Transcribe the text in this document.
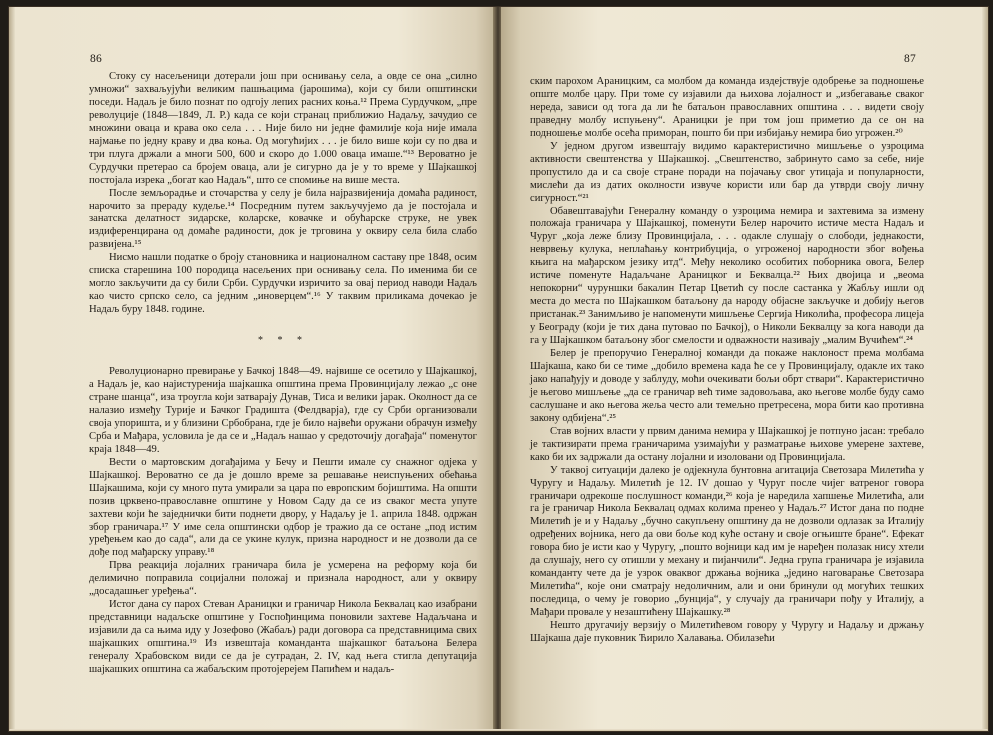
86

Стоку су насељеници дотерали још при оснивању села, а овде се она „силно умножи“ захваљујући великим пашњацима (јарошима), који су били општински поседи. Надаљ је било познат по одгоју лепих расних коња.¹² Према Сурдучком, „пре револуције (1848—1849, Л. Р.) када се који странац приближио Надаљу, зачудио се множини оваца и крава око села . . . Није било ни једне фамилије која није имала најмање по једну краву и два коња. Од могућијих . . . је било више који су по два и три плуга држали а многи 500, 600 и скоро до 1.000 оваца имаше.“¹³ Вероватно је Сурдучки претерао са бројем оваца, али је сигурно да је у то време у Шајкашкој постојала изрека „богат као Надаљ“, што се спомиње на више места.

После земљорадње и сточарства у селу је била најразвијенија домаћа радиност, нарочито за прераду кудеље.¹⁴ Посредним путем закључујемо да је постојала и занатска делатност зидарске, коларске, ковачке и обућарске струке, не увек издиференцирана од домаће радиности, док је трговина у оквиру села била слабо развијена.¹⁵

Нисмо нашли податке о броју становника и националном саставу пре 1848, осим списка старешина 100 породица насељених при оснивању села. По именима би се могло закључити да су били Срби. Сурдучки изричито за овај период наводи Надаљ као чисто српско село, са једним „иноверцем“.¹⁶ У таквим приликама дочекао је Надаљ буру 1848. године.

* * *

Револуционарно превирање у Бачкој 1848—49. највише се осетило у Шајкашкој, а Надаљ је, као најистуренија шајкашка општина према Провинцијалу лежао „с оне стране шанца“, иза троугла који затварају Дунав, Тиса и велики јарак. Околност да се налазио између Турије и Бачког Градишта (Фелдварја), где су Срби организовали своја упоришта, и у близини Србобрана, где је било највећи оружани обрачун између Срба и Мађара, условила је да се и „Надаљ нашао у средоточију догађаја“ поменутог крајa 1848—49.

Вести о мартовским догађајима у Бечу и Пешти имале су снажног одјека у Шајкашкој. Вероватно се да је дошло време за решавање неиспуњених обећања Шајкашима, који су много пута умирали за цара по европским бојиштима. На општи позив црквено-православне општине у Новом Саду да се из сваког места упуте захтеви који ће заједнички бити поднети двору, у Надаљу је 1. априла 1848. одржан збор граничара.¹⁷ У име села општински одбор је тражио да се остане „под истим уређењем као до сада“, али да се укине кулук, призна народност и не дозволи да се дође под мађарску управу.¹⁸

Прва реакција лојалних граничара била је усмерена на реформу која би делимично поправила социјални положај и признала народност, али у оквиру „досадашњег уређења“.

Истог дана су парох Стеван Араницки и граничар Никола Беквалац као изабрани представници надаљске општине у Госпођинцима поновили захтеве Надаљчана и изјавили да са њима иду у Јозефово (Жабаљ) ради договора са представницима свих шајкашких општина.¹⁹ Из извештаја команданта шајкашког батаљона Белера генералу Храбовском види се да је сутрадан, 2. IV, кад њега стигла депутација шајкашких општина са жабаљским протојерејем Папићем и надаљ-

87

ским парохом Араницким, са молбом да команда издејствује одобрење за подношење опште молбе цару. При томе су изјавили да њихова лојалност и „избегавање сваког нереда, зависи од тога да ли ће батаљон православних општина . . . видети своју праведну молбу испуњену“. Араницки је при том још приметио да се он на подношење молбе осећа приморан, пошто би при избијању немира био угрожен.²⁰

У једном другом извештају видимо карактеристично мишљење о узроцима активности свештенства у Шајкашкој. „Свештенство, забринуто само за себе, није пропустило да и са своје стране поради на појачању свог утицаја и популарности, мислећи да из датих околности извуче користи или бар да утврди своју личну сигурност.“²¹

Обавештавајући Генералну команду о узроцима немира и захтевима за измену положаја граничара у Шајкашкој, поменути Белер нарочито истиче места Надаљ и Чуруг „која леже близу Провинцијала, . . . одакле слушају о слободи, једнакости, неврвењу кулука, неплаћању контрибуција, о угроженој народности због вођења књига на мађарском језику итд“. Међу неколико особитих поборника овога, Белер истиче поменуте Надаљчане Араницког и Беквалца.²² Њих двојица и „веома непокорни“ чуруншки бакалин Петар Цветић су после састанка у Жабљу ишли од места до места по Шајкашком батаљону да народу објасне закључке и добију његов пристанак.²³ Занимљиво је напоменути мишљење Сергија Николића, професора лицеја у Београду (који је тих дана путовао по Бачкој), о Николи Беквалцу за кога наводи да га у Шајкашком батаљону због смелости и одважности називају „малим Вучићем“.²⁴

Белер је препоручио Генералној команди да покаже наклоност према молбама Шајкаша, како би се тиме „добило времена када ће се у Провинцијалу, одакле их тако јако напађују и доводе у заблуду, моћи очекивати бољи обрт ствари“. Карактеристично је његово мишљење „да се граничар већ тиме задовољава, ако његове молбе буду само саслушане и ако његова жеља често али темељно претресена, мора бити као противна закону одбијена“.²⁵

Став војних власти у првим данима немира у Шајкашкој је потпуно јасан: требало је тактизирати према граничарима узимајући у разматрање њихове умерене захтеве, како би их задржали да остану лојални и изоловани од Провинцијала.

У таквој ситуацији далеко је одјекнула бунтовна агитација Светозара Милетића у Чуругу и Надаљу. Милетић је 12. IV дошао у Чуруг после чијег ватреног говора граничари одрекоше послушност команди,²⁶ која је наредила хапшење Милетића, али га је граничар Никола Беквалац одмах колима пренео у Надаљ.²⁷ Истог дана по подне Милетић је и у Надаљу „бучно сакупљену општину да не дозволи одлазак за Италију одређених војника, него да ови боље код куће остану и своје огњиште бране“. Ефекат говора био је исти као у Чуругу, „пошто војници кад им је наређен полазак нису хтели да слушају, него су отишли у механу и пијанчили“. Једна група граничара је изјавила команданту чете да је узрок оваквог држања војника „једино наговарање Светозара Милетића“, које они сматрају недоличним, али и они бринули од могућих тешких последица, о чему је говорио „бунција“, у случају да граничари пођу у Италију, а Мађари провале у незаштићену Шајкашку.²⁸

Нешто другачију верзију о Милетићевом говору у Чуругу и Надаљу и држању Шајкаша даје пуковник Ћирило Халавања. Обилазећи
